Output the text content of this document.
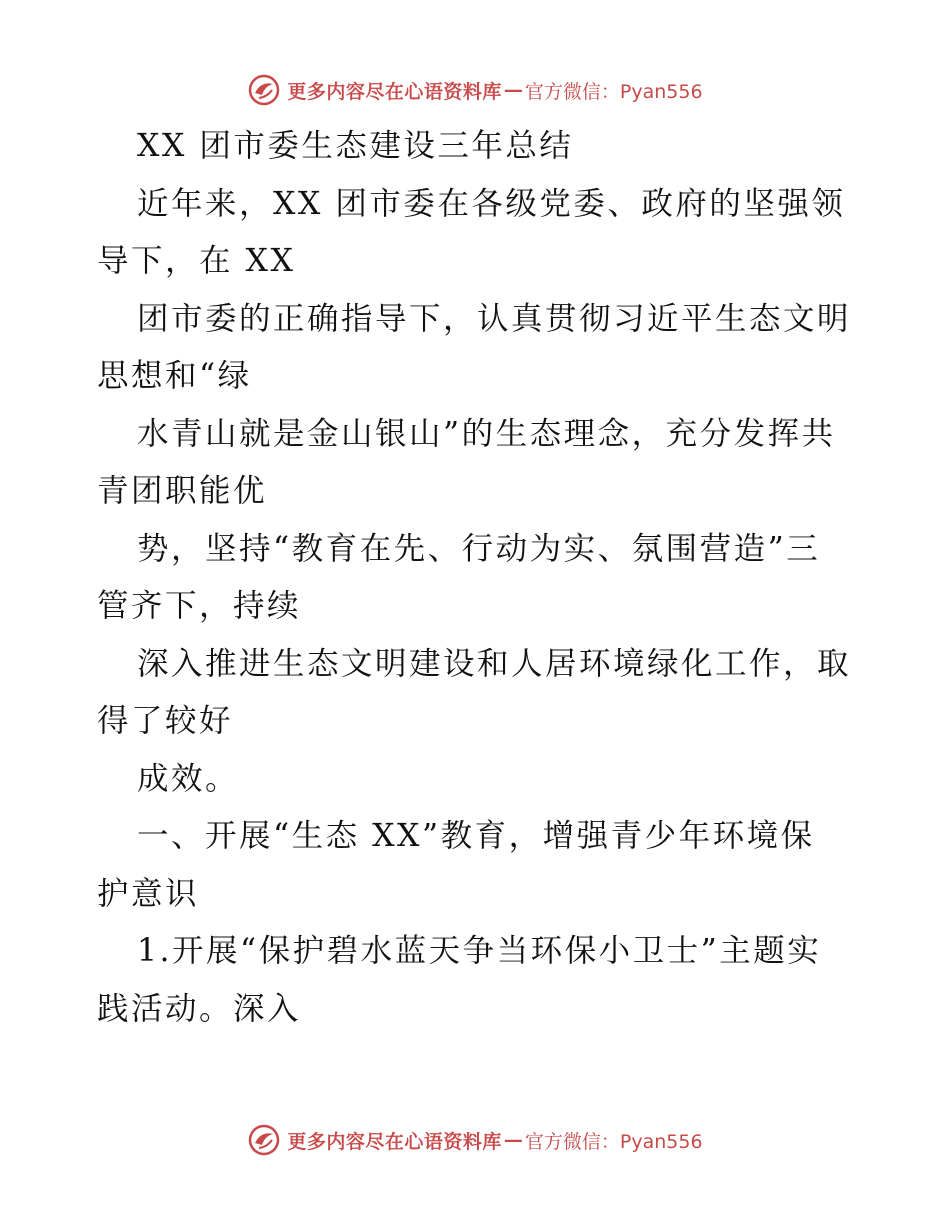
更多内容尽在心语资料库 — 官方微信：Pyan556

XX 团市委生态建设三年总结

近年来，XX 团市委在各级党委、政府的坚强领

导下，在 XX

团市委的正确指导下，认真贯彻习近平生态文明

思想和“绿

水青山就是金山银山”的生态理念，充分发挥共

青团职能优

势，坚持“教育在先、行动为实、氛围营造”三

管齐下，持续

深入推进生态文明建设和人居环境绿化工作，取

得了较好

成效。

一、开展“生态 XX”教育，增强青少年环境保

护意识

1.开展“保护碧水蓝天争当环保小卫士”主题实

践活动。深入

更多内容尽在心语资料库 — 官方微信：Pyan556
